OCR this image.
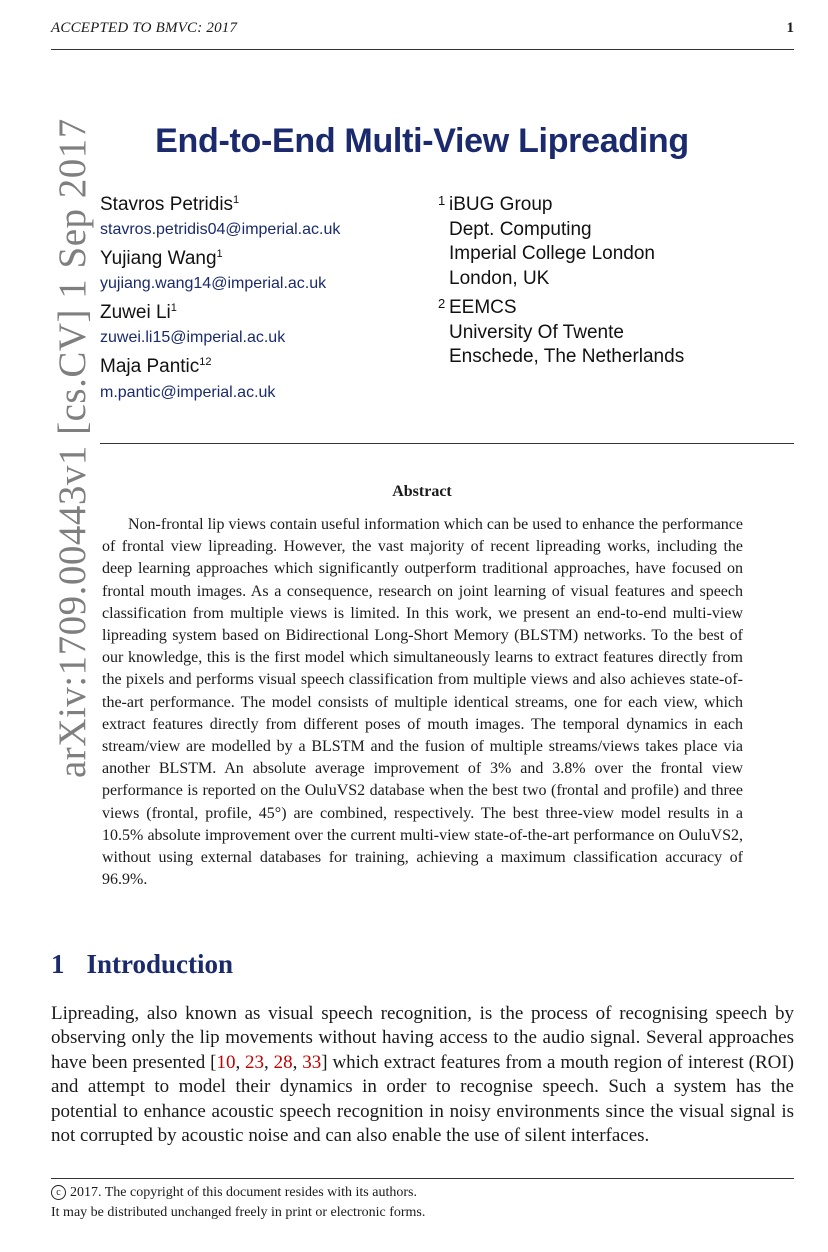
ACCEPTED TO BMVC: 2017	1
arXiv:1709.00443v1 [cs.CV] 1 Sep 2017	End-to-End Multi-View Lipreading
Stavros Petridis$^1$
stavros.petridis04@imperial.ac.uk
Yujiang Wang$^1$
yujiang.wang14@imperial.ac.uk
Zuwei Li$^1$
zuwei.li15@imperial.ac.uk
Maja Pantic$^{12}$
m.pantic@imperial.ac.uk
1 iBUG Group
Dept. Computing
Imperial College London
London, UK
2 EEMCS
University Of Twente
Enschede, The Netherlands
Abstract

Non-frontal lip views contain useful information which can be used to enhance the performance of frontal view lipreading. However, the vast majority of recent lipreading works, including the deep learning approaches which significantly outperform traditional approaches, have focused on frontal mouth images. As a consequence, research on joint learning of visual features and speech classification from multiple views is limited. In this work, we present an end-to-end multi-view lipreading system based on Bidirectional Long-Short Memory (BLSTM) networks. To the best of our knowledge, this is the first model which simultaneously learns to extract features directly from the pixels and performs visual speech classification from multiple views and also achieves state-of-the-art performance. The model consists of multiple identical streams, one for each view, which extract features directly from different poses of mouth images. The temporal dynamics in each stream/view are modelled by a BLSTM and the fusion of multiple streams/views takes place via another BLSTM. An absolute average improvement of 3% and 3.8% over the frontal view performance is reported on the OuluVS2 database when the best two (frontal and profile) and three views (frontal, profile, 45°) are combined, respectively. The best three-view model results in a 10.5% absolute improvement over the current multi-view state-of-the-art performance on OuluVS2, without using external databases for training, achieving a maximum classification accuracy of 96.9%.

1 Introduction

Lipreading, also known as visual speech recognition, is the process of recognising speech by observing only the lip movements without having access to the audio signal. Several approaches have been presented [10, 23, 28, 33] which extract features from a mouth region of interest (ROI) and attempt to model their dynamics in order to recognise speech. Such a system has the potential to enhance acoustic speech recognition in noisy environments since the visual signal is not corrupted by acoustic noise and can also enable the use of silent interfaces.

c 2017. The copyright of this document resides with its authors.
It may be distributed unchanged freely in print or electronic forms.
